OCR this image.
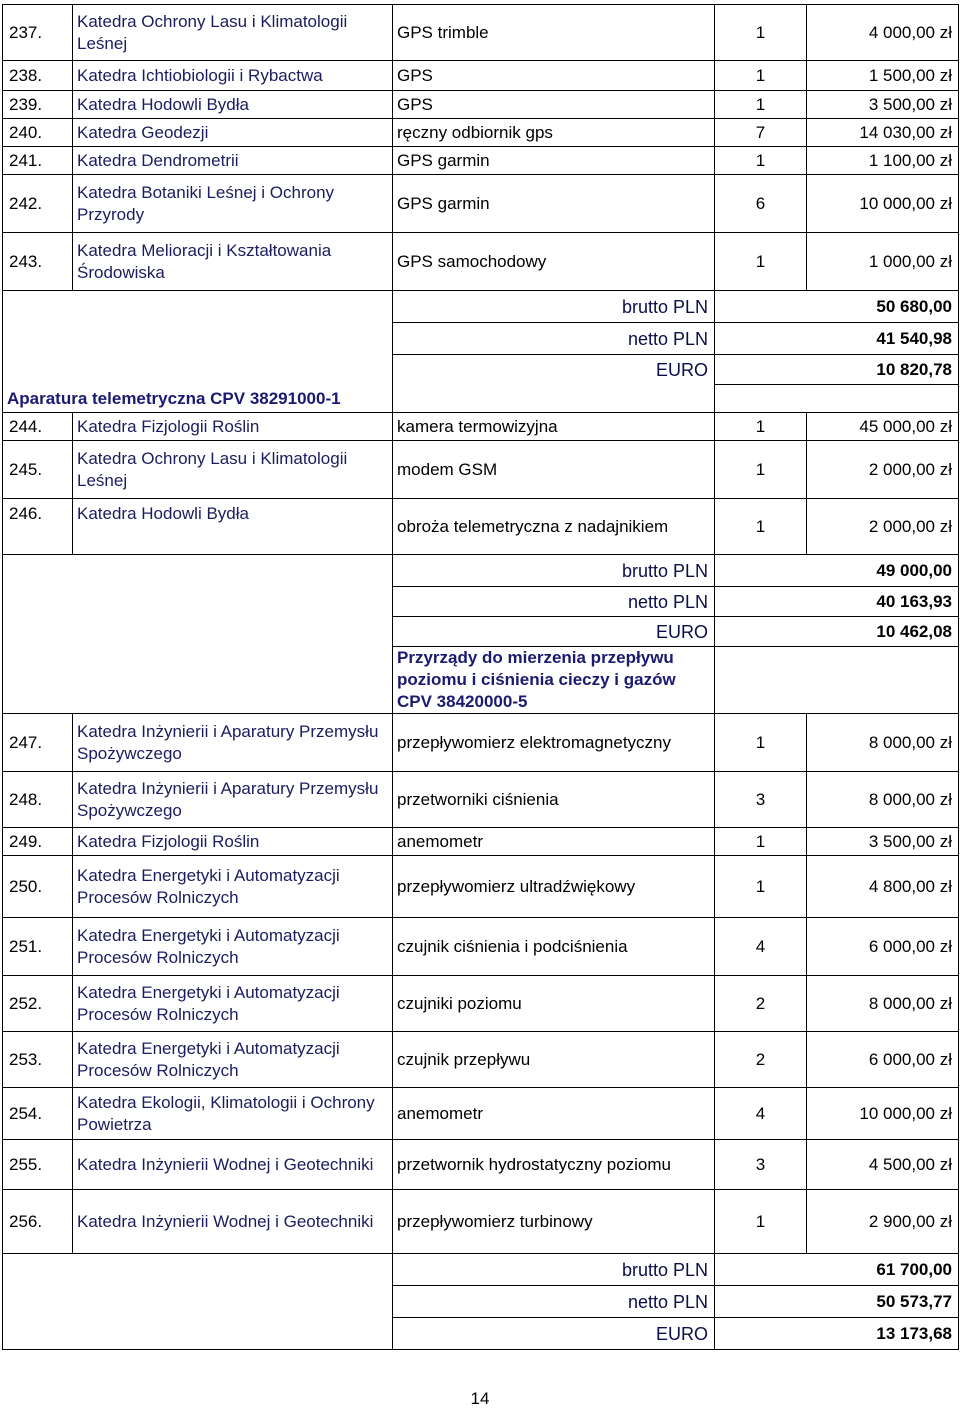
237.	Katedra Ochrony Lasu i Klimatologii Leśnej	GPS trimble	1	4 000,00 zł
238.	Katedra Ichtiobiologii i Rybactwa	GPS	1	1 500,00 zł
239.	Katedra Hodowli Bydła	GPS	1	3 500,00 zł
240.	Katedra Geodezji	ręczny odbiornik gps	7	14 030,00 zł
241.	Katedra Dendrometrii	GPS garmin	1	1 100,00 zł
242.	Katedra Botaniki Leśnej i Ochrony Przyrody	GPS garmin	6	10 000,00 zł
243.	Katedra Melioracji i Kształtowania Środowiska	GPS samochodowy	1	1 000,00 zł
Aparatura telemetryczna CPV 38291000-1		brutto PLN	50 680,00	
		netto PLN	41 540,98	
		EURO	10 820,78	

244.	Katedra Fizjologii Roślin	kamera termowizyjna	1	45 000,00 zł
245.	Katedra Ochrony Lasu i Klimatologii Leśnej	modem GSM	1	2 000,00 zł
246.	Katedra Hodowli Bydła	obroża telemetryczna z nadajnikiem	1	2 000,00 zł
		brutto PLN	49 000,00	
		netto PLN	40 163,93	
		EURO	10 462,08	
		Przyrządy do mierzenia przepływu poziomu i ciśnienia cieczy i gazów CPV 38420000-5		
247.	Katedra Inżynierii i Aparatury Przemysłu Spożywczego	przepływomierz elektromagnetyczny	1	8 000,00 zł
248.	Katedra Inżynierii i Aparatury Przemysłu Spożywczego	przetworniki ciśnienia	3	8 000,00 zł
249.	Katedra Fizjologii Roślin	anemometr	1	3 500,00 zł
250.	Katedra Energetyki i Automatyzacji Procesów Rolniczych	przepływomierz ultradźwiękowy	1	4 800,00 zł
251.	Katedra Energetyki i Automatyzacji Procesów Rolniczych	czujnik ciśnienia i podciśnienia	4	6 000,00 zł
252.	Katedra Energetyki i Automatyzacji Procesów Rolniczych	czujniki poziomu	2	8 000,00 zł
253.	Katedra Energetyki i Automatyzacji Procesów Rolniczych	czujnik przepływu	2	6 000,00 zł
254.	Katedra Ekologii, Klimatologii i Ochrony Powietrza	anemometr	4	10 000,00 zł
255.	Katedra Inżynierii Wodnej i Geotechniki	przetwornik hydrostatyczny poziomu	3	4 500,00 zł
256.	Katedra Inżynierii Wodnej i Geotechniki	przepływomierz turbinowy	1	2 900,00 zł
		brutto PLN	61 700,00	
		netto PLN	50 573,77	
		EURO	13 173,68	
14
